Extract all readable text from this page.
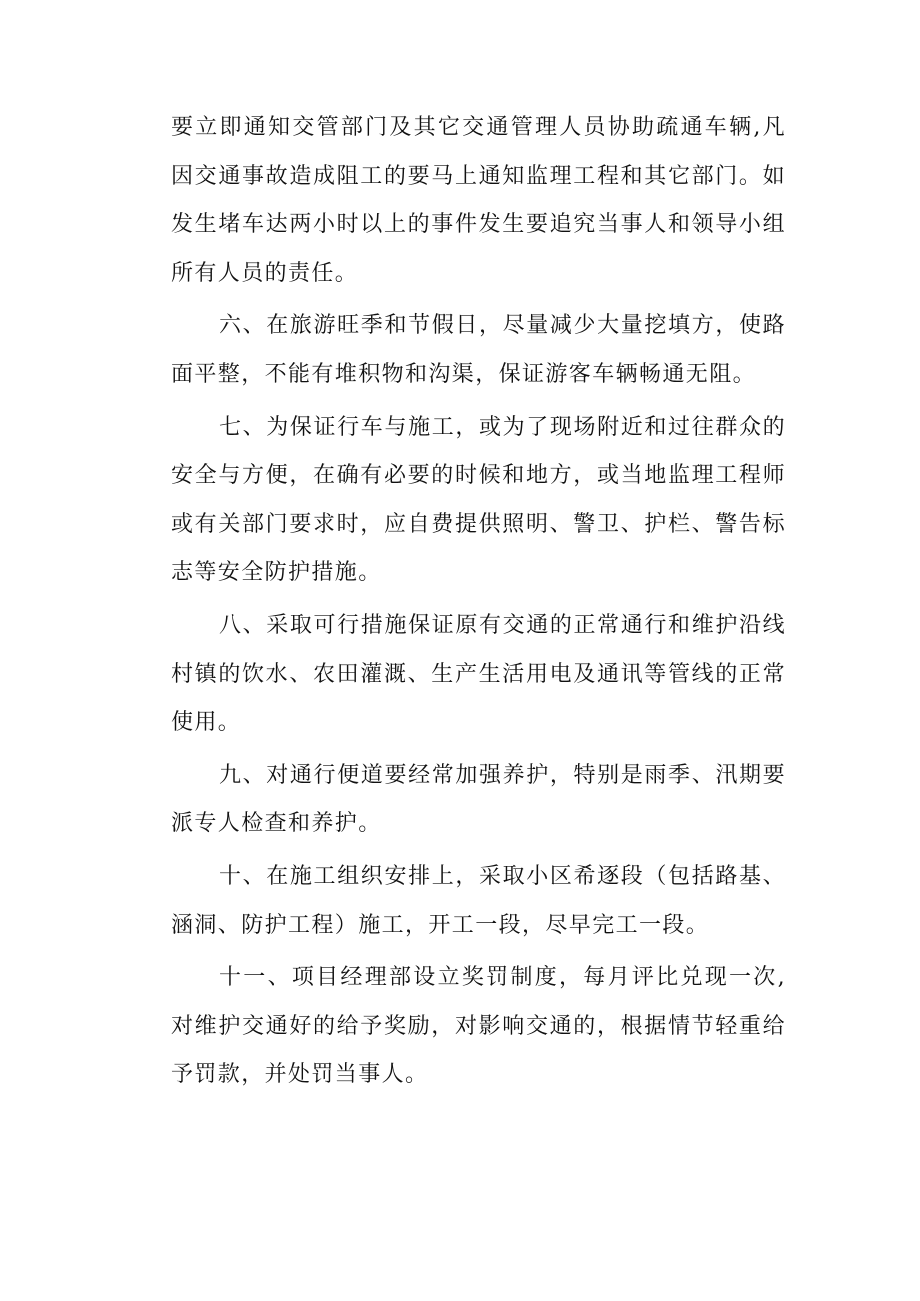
要立即通知交管部门及其它交通管理人员协助疏通车辆,凡因交通事故造成阻工的要马上通知监理工程和其它部门。如发生堵车达两小时以上的事件发生要追究当事人和领导小组所有人员的责任。

六、在旅游旺季和节假日，尽量减少大量挖填方，使路面平整，不能有堆积物和沟渠，保证游客车辆畅通无阻。

七、为保证行车与施工，或为了现场附近和过往群众的安全与方便，在确有必要的时候和地方，或当地监理工程师或有关部门要求时，应自费提供照明、警卫、护栏、警告标志等安全防护措施。

八、采取可行措施保证原有交通的正常通行和维护沿线村镇的饮水、农田灌溉、生产生活用电及通讯等管线的正常使用。

九、对通行便道要经常加强养护，特别是雨季、汛期要派专人检查和养护。

十、在施工组织安排上，采取小区希逐段（包括路基、涵洞、防护工程）施工，开工一段，尽早完工一段。

十一、项目经理部设立奖罚制度，每月评比兑现一次,对维护交通好的给予奖励，对影响交通的，根据情节轻重给予罚款，并处罚当事人。
